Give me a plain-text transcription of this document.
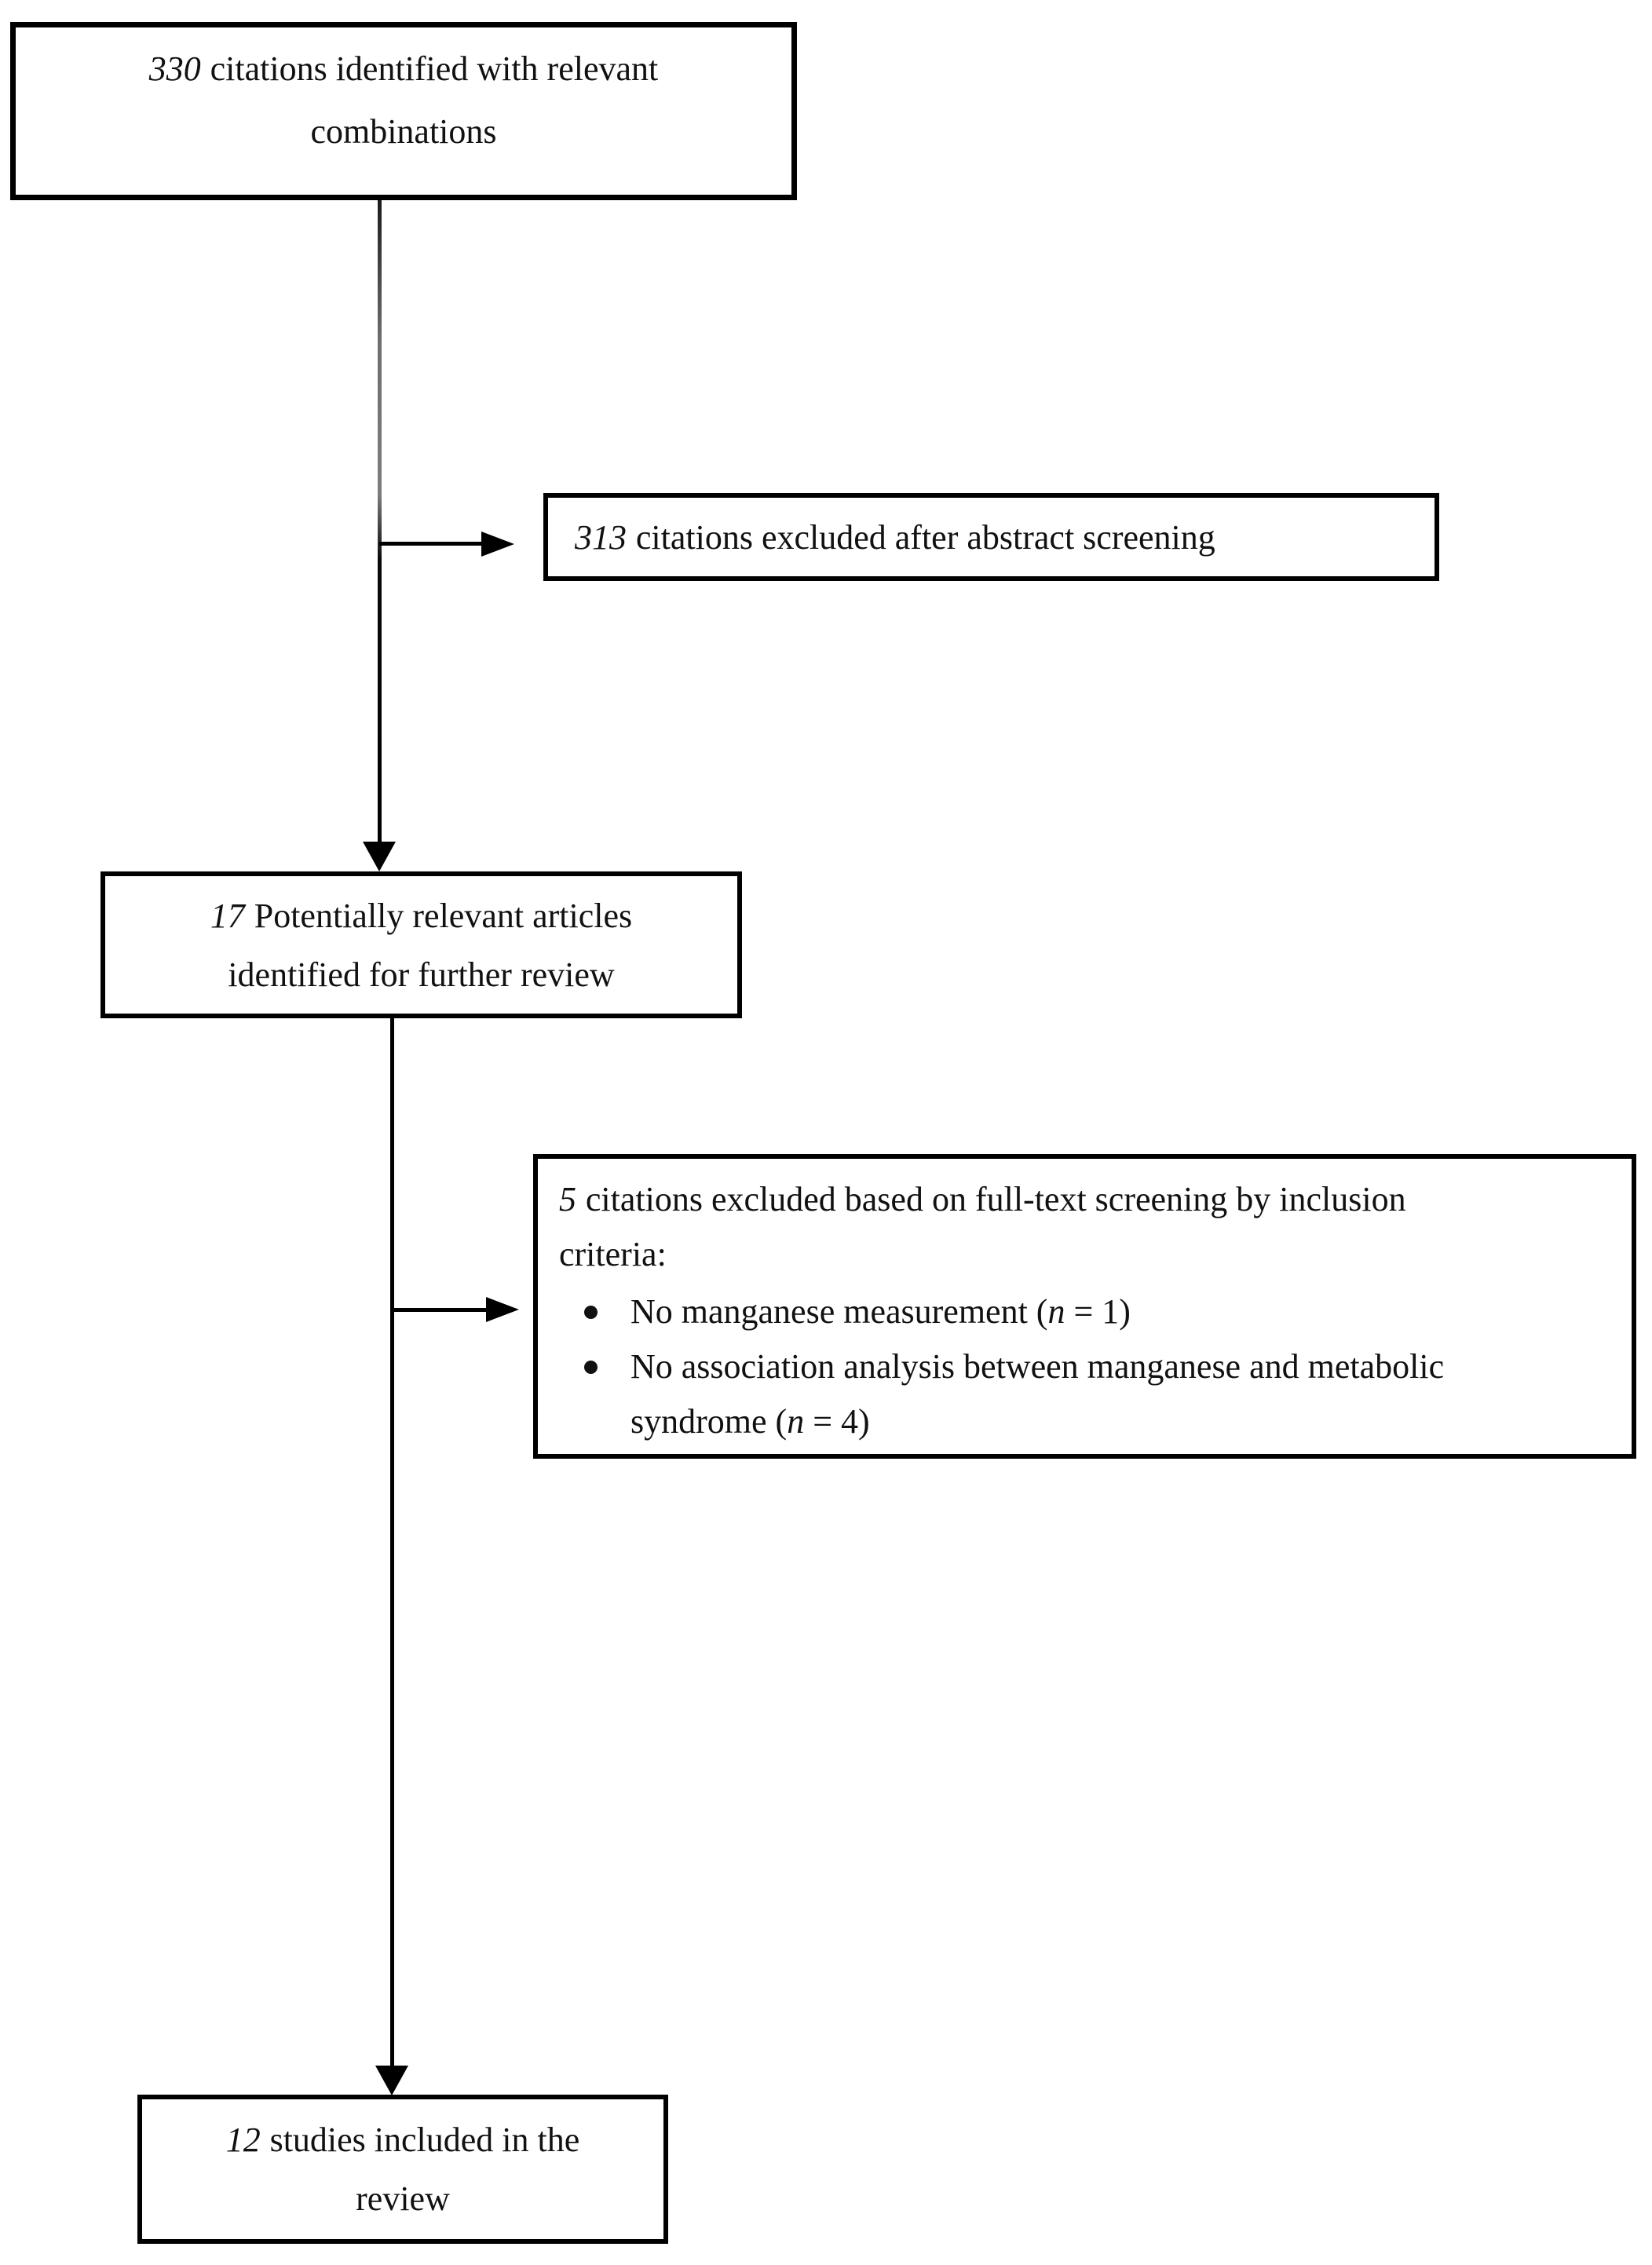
330 citations identified with relevant
combinations
313 citations excluded after abstract screening
17 Potentially relevant articles
identified for further review
5 citations excluded based on full-text screening by inclusion
criteria:
No manganese measurement (n = 1)
No association analysis between manganese and metabolic syndrome (n = 4)
12 studies included in the
review
